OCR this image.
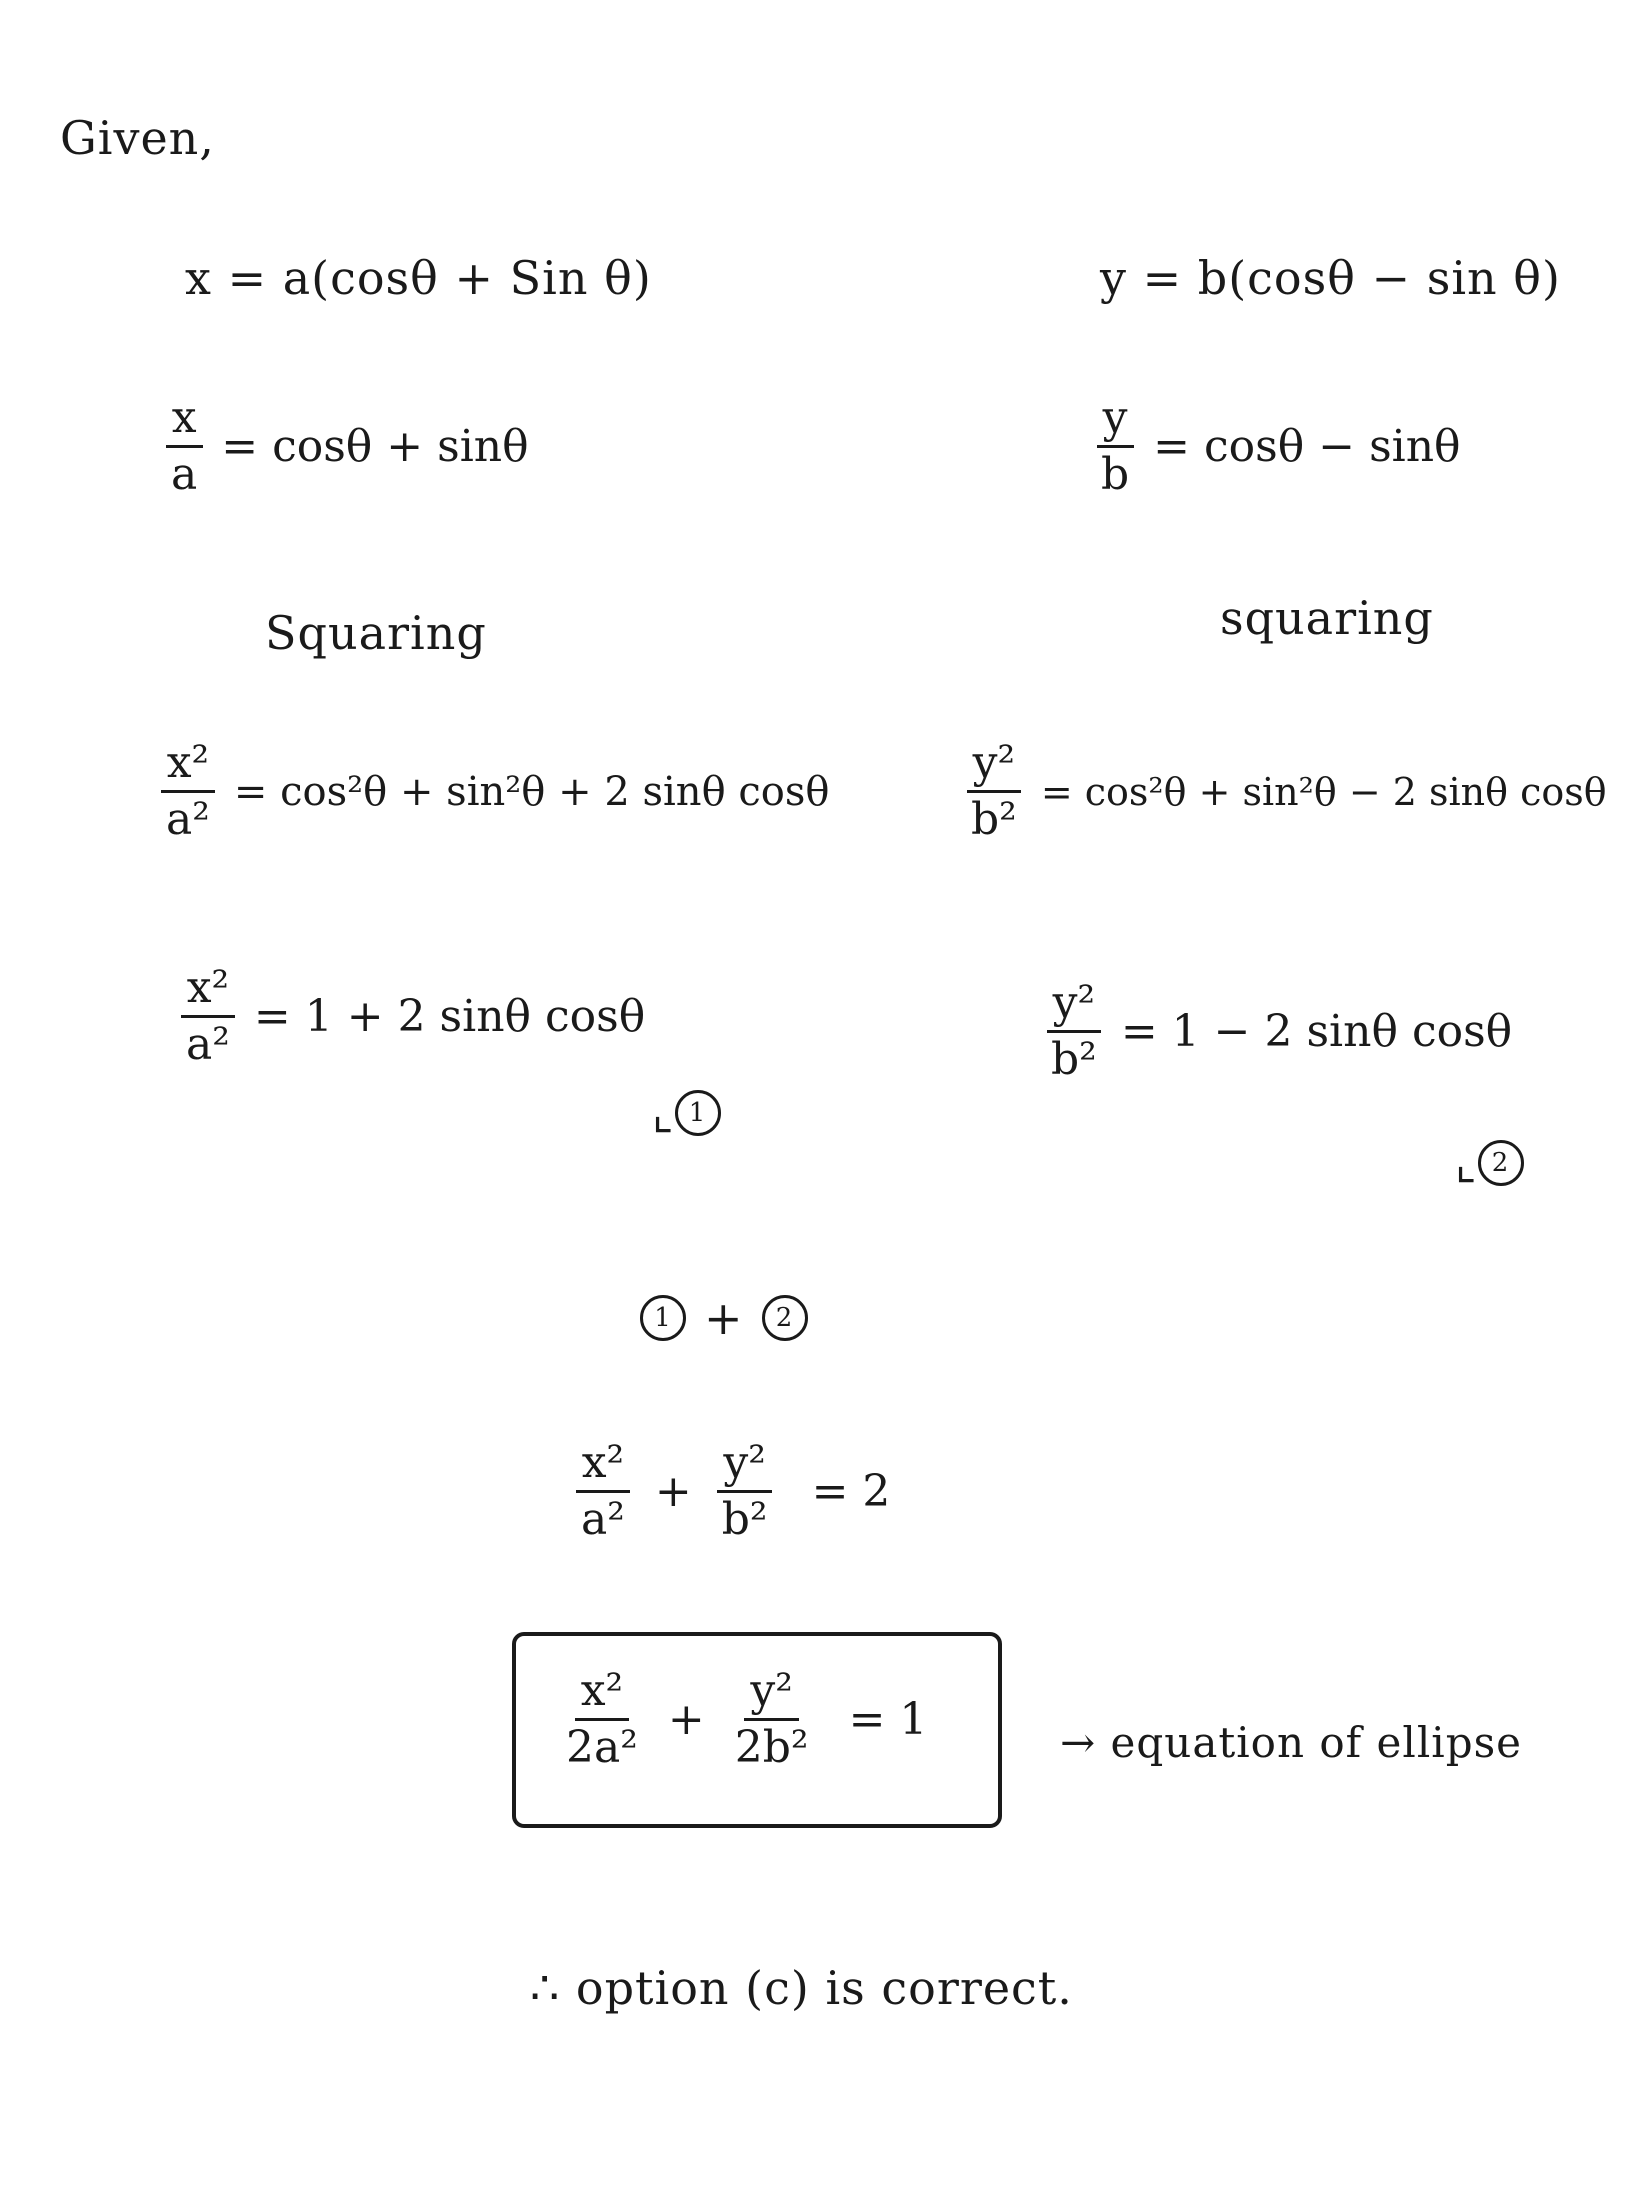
Given,
x = a(cosθ + Sin θ)	y = b(cosθ − sin θ)
$\frac{x}{a} = \cos\theta + \sin\theta$	$\frac{y}{b} = \cos\theta - \sin\theta$
Squaring	squaring
$\frac{\text{x²}}{\text{a²}} = \cos^2\theta + \sin^2\theta + 2$ sinθ cosθ	$\frac{\text{y²}}{\text{b²}} = \cos^2\theta + \sin^2\theta - 2$ sinθ cosθ
$\frac{\text{x²}}{\text{a²}} = 1 + 2$ sinθ cosθ	$\frac{\text{y²}}{\text{b²}} = 1 - 2$ sinθ cosθ
⌞ 1
⌞ 2
1 +	2
$\frac{\text{x²}}{\text{a²}} + \frac{\text{y²}}{\text{b²}} = 2$
$\frac{\text{x²}}{\text{2a²}} + \frac{\text{y²}}{\text{2b²}} = 1$	→ equation of ellipse
∴ option (c) is correct.
